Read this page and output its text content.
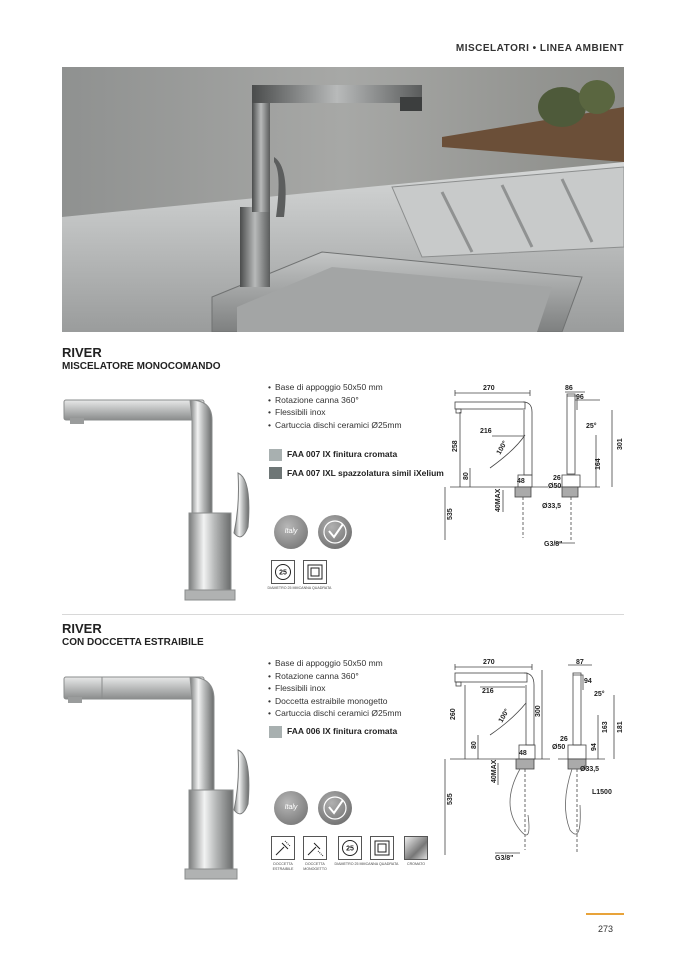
MISCELATORI • LINEA AMBIENT
RIVER
MISCELATORE MONOCOMANDO
• Base di appoggio 50x50 mm
• Rotazione canna 360°
• Flessibili inox
• Cartuccia dischi ceramici Ø25mm
FAA 007 IX finitura cromata
FAA 007 IXL spazzolatura simil iXelium
Italy
25
DIAMETRO 25 MM CANNA QUADRATA
270
216
100°
258
80
48
535
40MAX
86
96
25°
164
301
26
Ø50
Ø33,5
G3/8"
RIVER
CON DOCCETTA ESTRAIBILE
• Base di appoggio 50x50 mm
• Rotazione canna 360°
• Flessibili inox
• Doccetta estraibile monogetto
• Cartuccia dischi ceramici Ø25mm
FAA 006 IX finitura cromata
Italy
DOCCETTA ESTRAIBILE
DOCCETTA MONOGETTO
25
DIAMETRO 25 MM CANNA QUADRATA	CROMATO
270
216
100°
260	300
80
48
535
40MAX
87
94
25°
163 181
26
Ø50	94
Ø33,5
L1500
G3/8"
273
